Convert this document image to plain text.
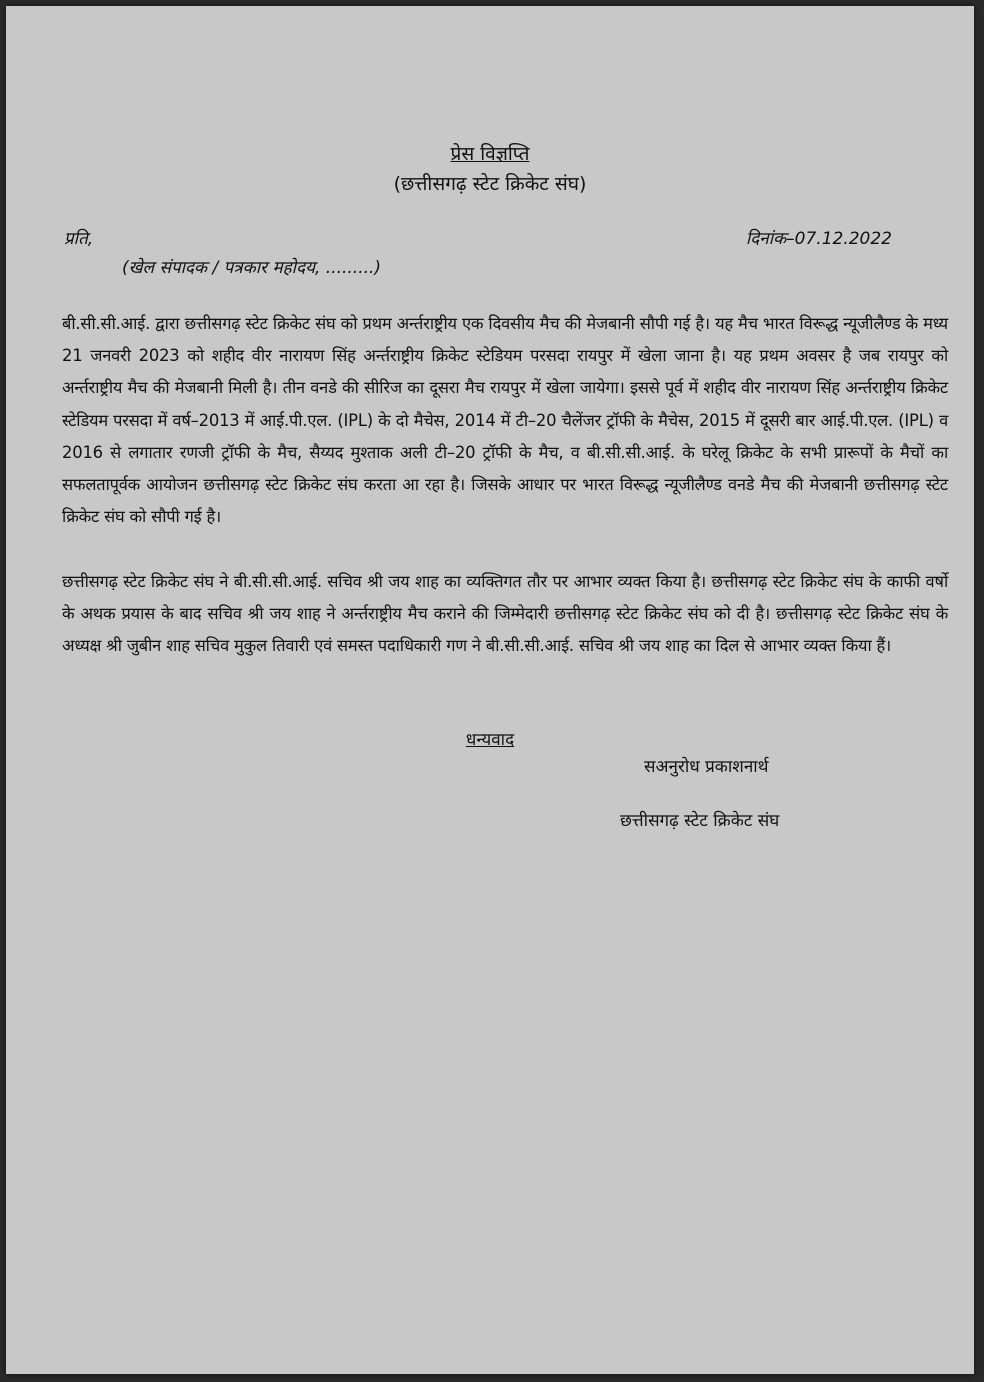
प्रेस विज्ञप्ति
(छत्तीसगढ़ स्टेट क्रिकेट संघ)
प्रति,	दिनांक–07.12.2022
(खेल संपादक / पत्रकार महोदय, .........)
बी.सी.सी.आई. द्वारा छत्तीसगढ़ स्टेट क्रिकेट संघ को प्रथम अर्न्तराष्ट्रीय एक दिवसीय मैच की मेजबानी सौपी गई है। यह मैच भारत विरूद्ध न्यूजीलैण्ड के मध्य 21 जनवरी 2023 को शहीद वीर नारायण सिंह अर्न्तराष्ट्रीय क्रिकेट स्टेडियम परसदा रायपुर में खेला जाना है। यह प्रथम अवसर है जब रायपुर को अर्न्तराष्ट्रीय मैच की मेजबानी मिली है। तीन वनडे की सीरिज का दूसरा मैच रायपुर में खेला जायेगा। इससे पूर्व में शहीद वीर नारायण सिंह अर्न्तराष्ट्रीय क्रिकेट स्टेडियम परसदा में वर्ष–2013 में आई.पी.एल. (IPL) के दो मैचेस, 2014 में टी–20 चैलेंजर ट्रॉफी के मैचेस, 2015 में दूसरी बार आई.पी.एल. (IPL) व 2016 से लगातार रणजी ट्रॉफी के मैच, सैय्यद मुश्ताक अली टी–20 ट्रॉफी के मैच, व बी.सी.सी.आई. के घरेलू क्रिकेट के सभी प्रारूपों के मैचों का सफलतापूर्वक आयोजन छत्तीसगढ़ स्टेट क्रिकेट संघ करता आ रहा है। जिसके आधार पर भारत विरूद्ध न्यूजीलैण्ड वनडे मैच की मेजबानी छत्तीसगढ़ स्टेट क्रिकेट संघ को सौपी गई है।
छत्तीसगढ़ स्टेट क्रिकेट संघ ने बी.सी.सी.आई. सचिव श्री जय शाह का व्यक्तिगत तौर पर आभार व्यक्त किया है। छत्तीसगढ़ स्टेट क्रिकेट संघ के काफी वर्षो के अथक प्रयास के बाद सचिव श्री जय शाह ने अर्न्तराष्ट्रीय मैच कराने की जिम्मेदारी छत्तीसगढ़ स्टेट क्रिकेट संघ को दी है। छत्तीसगढ़ स्टेट क्रिकेट संघ के अध्यक्ष श्री जुबीन शाह सचिव मुकुल तिवारी एवं समस्त पदाधिकारी गण ने बी.सी.सी.आई. सचिव श्री जय शाह का दिल से आभार व्यक्त किया हैं।
धन्यवाद
सअनुरोध प्रकाशनार्थ
छत्तीसगढ़ स्टेट क्रिकेट संघ
